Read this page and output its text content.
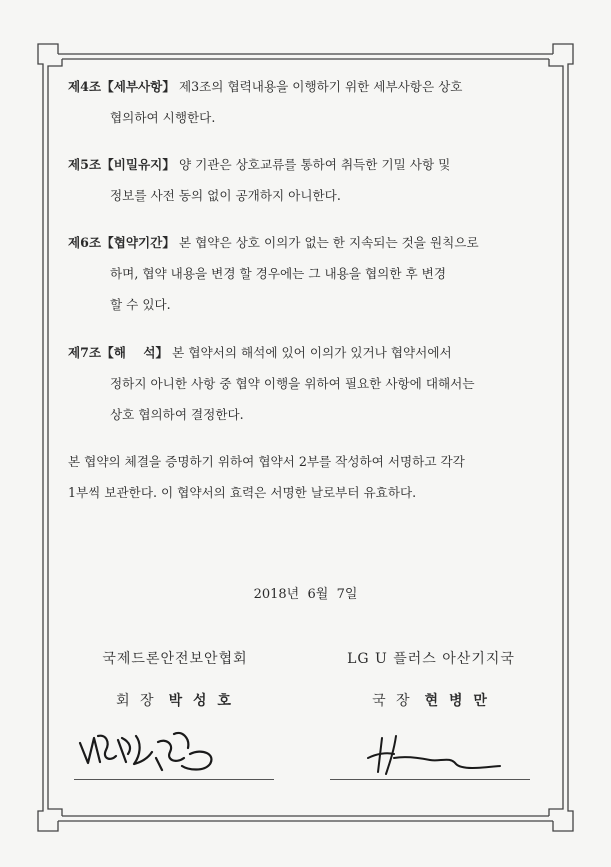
제4조【세부사항】 제3조의 협력내용을 이행하기 위한 세부사항은 상호
협의하여 시행한다.
제5조【비밀유지】 양 기관은 상호교류를 통하여 취득한 기밀 사항 및
정보를 사전 동의 없이 공개하지 아니한다.
제6조【협약기간】 본 협약은 상호 이의가 없는 한 지속되는 것을 원칙으로
하며, 협약 내용을 변경 할 경우에는 그 내용을 협의한 후 변경
할 수 있다.
제7조【해    석】 본 협약서의 해석에 있어 이의가 있거나 협약서에서
정하지 아니한 사항 중 협약 이행을 위하여 필요한 사항에 대해서는
상호 협의하여 결정한다.
본 협약의 체결을 증명하기 위하여 협약서 2부를 작성하여 서명하고 각각
1부씩 보관한다. 이 협약서의 효력은 서명한 날로부터 유효하다.
2018년  6월  7일
국제드론안전보안협회
회 장 박 성 호
LG U 플러스 아산기지국
국 장 현 병 만
